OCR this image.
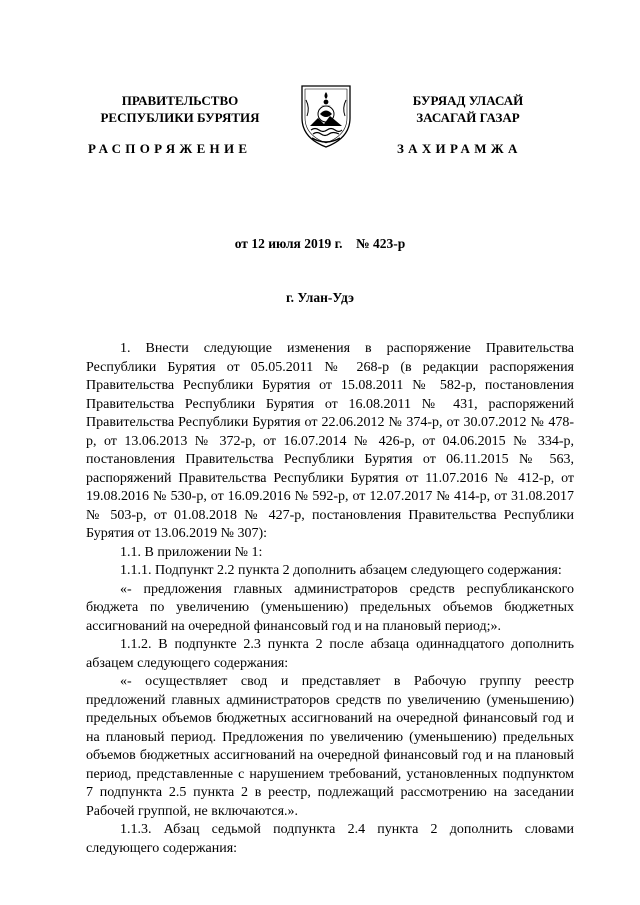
ПРАВИТЕЛЬСТВО
РЕСПУБЛИКИ БУРЯТИЯ
БУРЯАД УЛАСАЙ
ЗАСАГАЙ ГАЗАР
РАСПОРЯЖЕНИЕ	ЗАХИРАМЖА
от 12 июля 2019 г.    № 423-р
г. Улан-Удэ

1. Внести следующие изменения в распоряжение Правительства Республики Бурятия от 05.05.2011 № 268-р (в редакции распоряжения Правительства Республики Бурятия от 15.08.2011 № 582-р, постановления Правительства Республики Бурятия от 16.08.2011 № 431, распоряжений Правительства Республики Бурятия от 22.06.2012 № 374-р, от 30.07.2012 № 478-р, от 13.06.2013 № 372-р, от 16.07.2014 № 426-р, от 04.06.2015 № 334-р, постановления Правительства Республики Бурятия от 06.11.2015 № 563, распоряжений Правительства Республики Бурятия от 11.07.2016 № 412-р, от 19.08.2016 № 530-р, от 16.09.2016 № 592-р, от 12.07.2017 № 414-р, от 31.08.2017 № 503-р, от 01.08.2018 № 427-р, постановления Правительства Республики Бурятия от 13.06.2019 № 307):

1.1. В приложении № 1:

1.1.1. Подпункт 2.2 пункта 2 дополнить абзацем следующего содержания:

«- предложения главных администраторов средств республиканского бюджета по увеличению (уменьшению) предельных объемов бюджетных ассигнований на очередной финансовый год и на плановый период;».

1.1.2. В подпункте 2.3 пункта 2 после абзаца одиннадцатого дополнить абзацем следующего содержания:

«- осуществляет свод и представляет в Рабочую группу реестр предложений главных администраторов средств по увеличению (уменьшению) предельных объемов бюджетных ассигнований на очередной финансовый год и на плановый период. Предложения по увеличению (уменьшению) предельных объемов бюджетных ассигнований на очередной финансовый год и на плановый период, представленные с нарушением требований, установленных подпунктом 7 подпункта 2.5 пункта 2 в реестр, подлежащий рассмотрению на заседании Рабочей группой, не включаются.».

1.1.3. Абзац седьмой подпункта 2.4 пункта 2 дополнить словами следующего содержания:
